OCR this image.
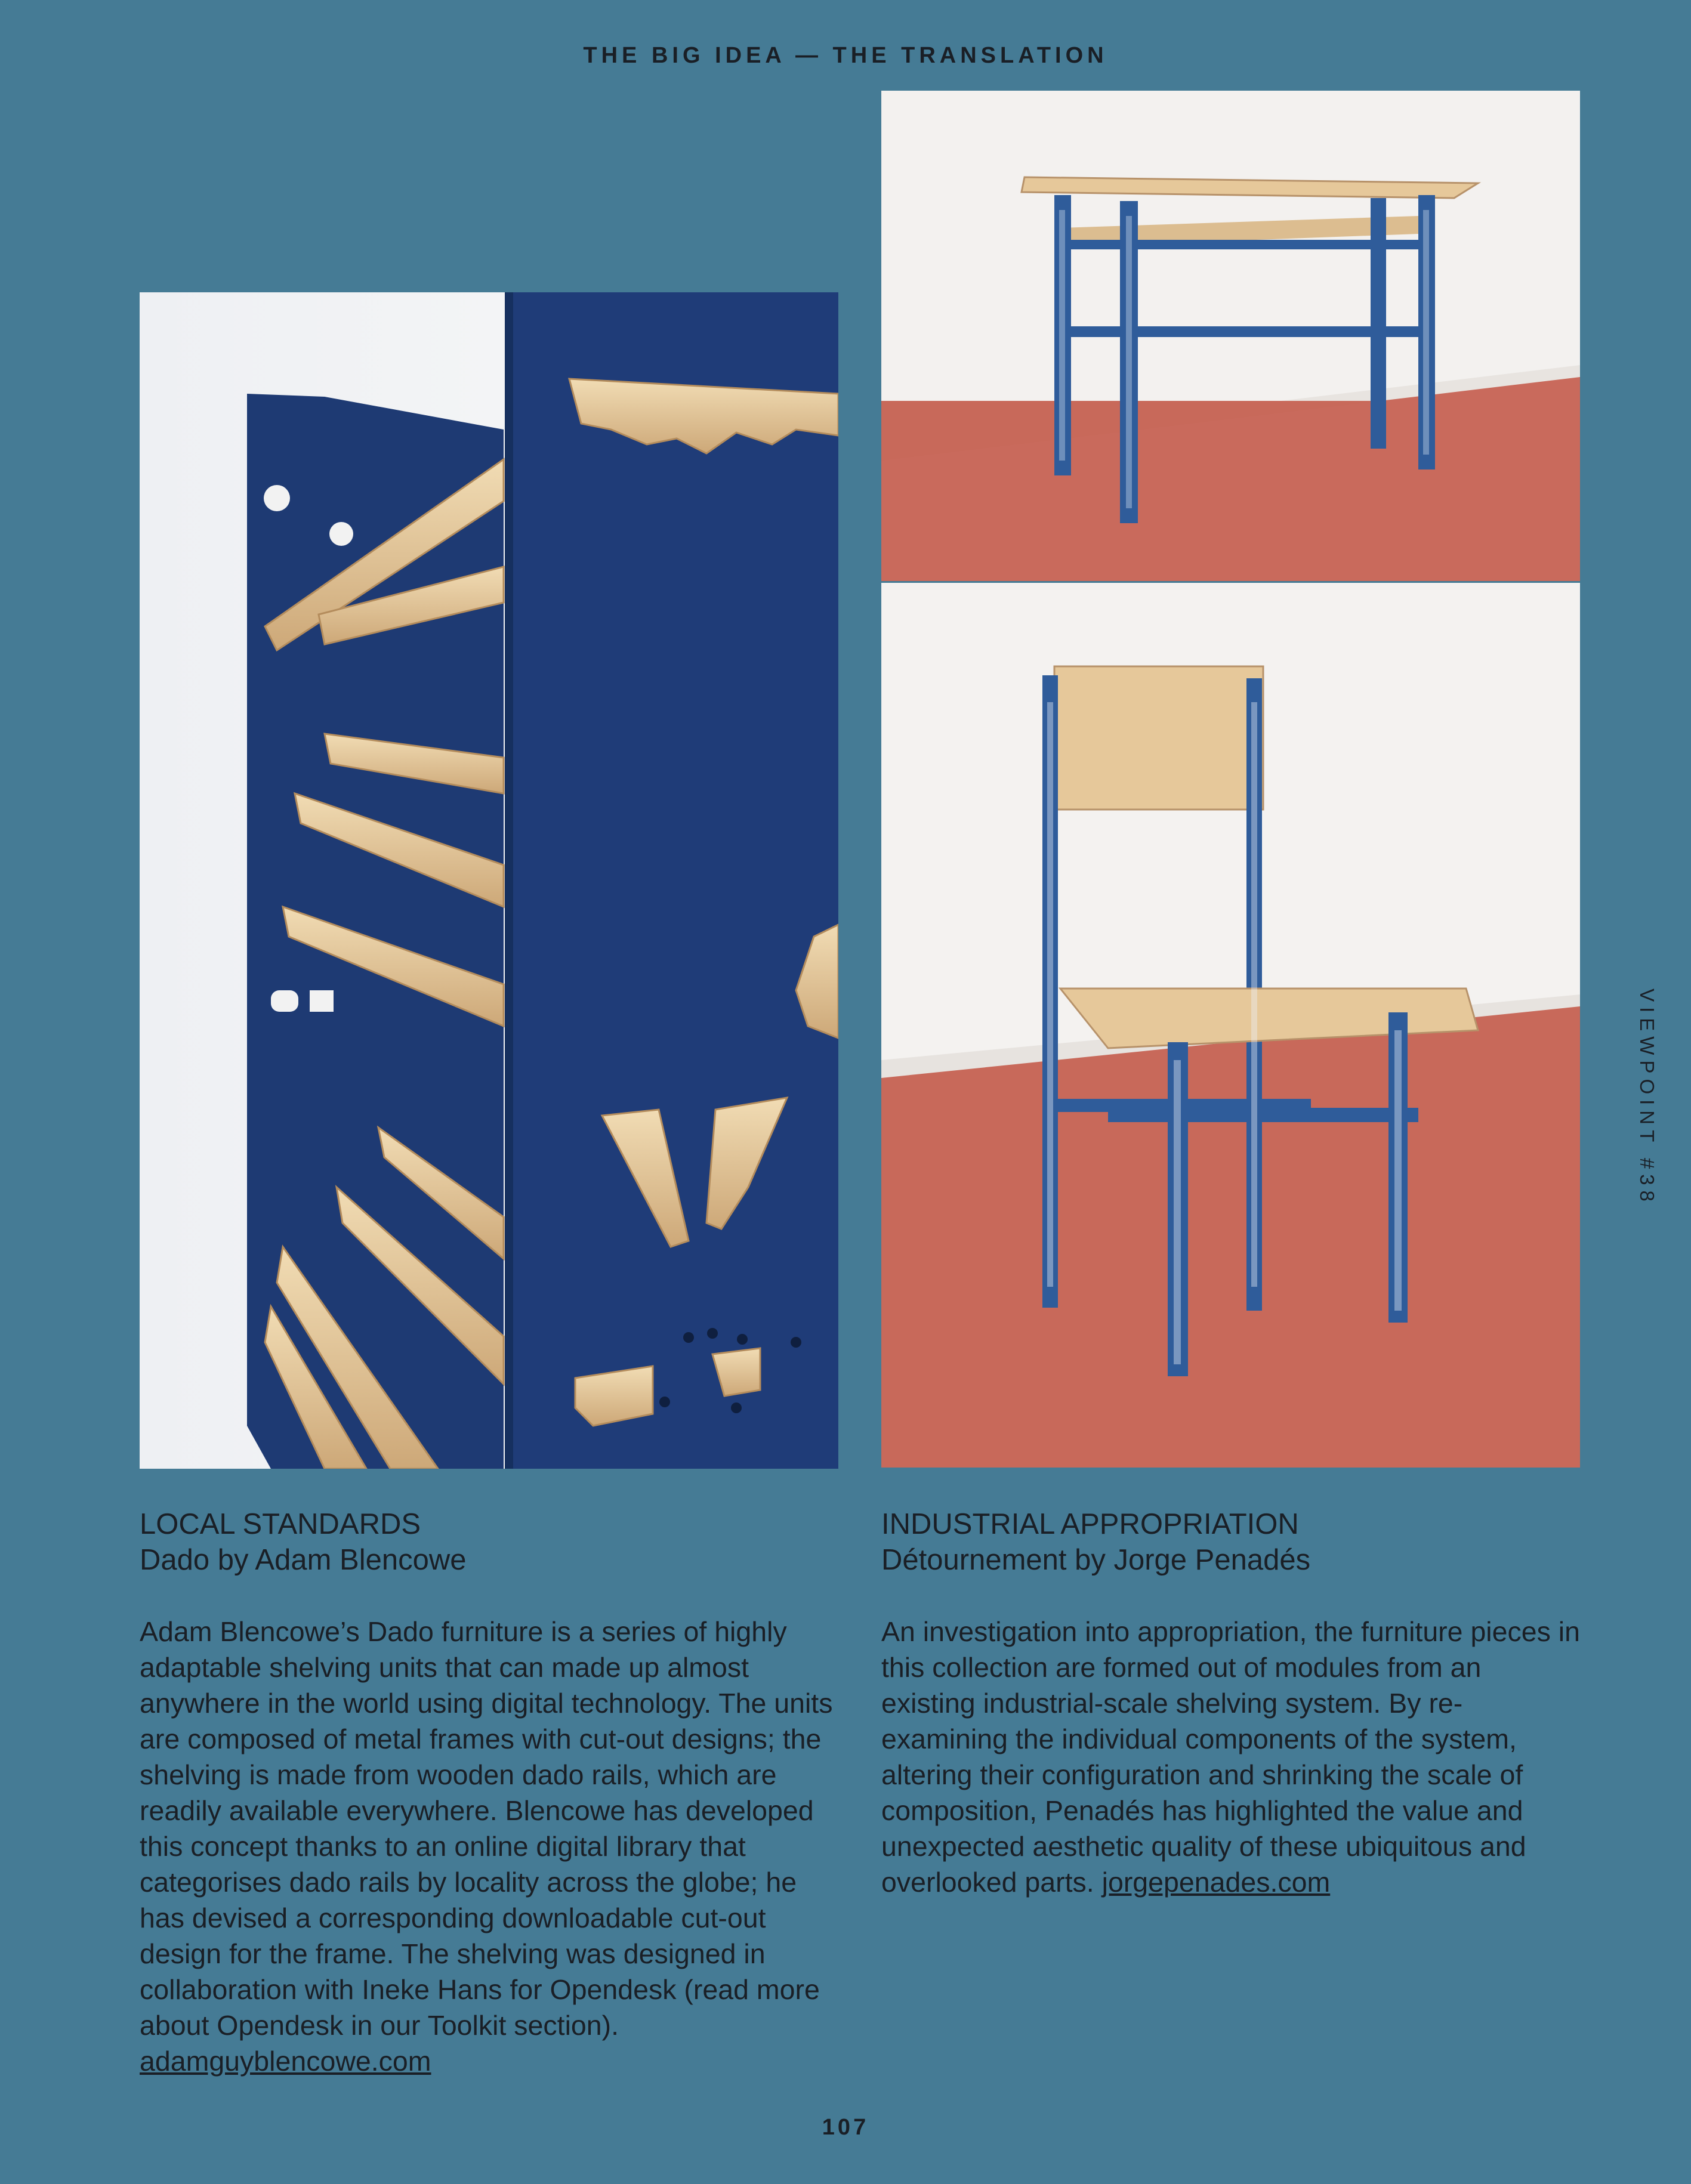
THE BIG IDEA — THE TRANSLATION
VIEWPOINT #38
LOCAL STANDARDS
Dado by Adam Blencowe
Adam Blencowe’s Dado furniture is a series of highly adaptable shelving units that can made up almost anywhere in the world using digital technology. The units are composed of metal frames with cut-out designs; the shelving is made from wooden dado rails, which are readily available everywhere. Blencowe has developed this concept thanks to an online digital library that categorises dado rails by locality across the globe; he has devised a corresponding downloadable cut-out design for the frame. The shelving was designed in collaboration with Ineke Hans for Opendesk (read more about Opendesk in our Toolkit section). adamguyblencowe.com
INDUSTRIAL APPROPRIATION
Détournement by Jorge Penadés
An investigation into appropriation, the furniture pieces in this collection are formed out of modules from an existing industrial-scale shelving system. By re-examining the individual components of the system, altering their configuration and shrinking the scale of composition, Penadés has highlighted the value and unexpected aesthetic quality of these ubiquitous and overlooked parts. jorgepenades.com
107
